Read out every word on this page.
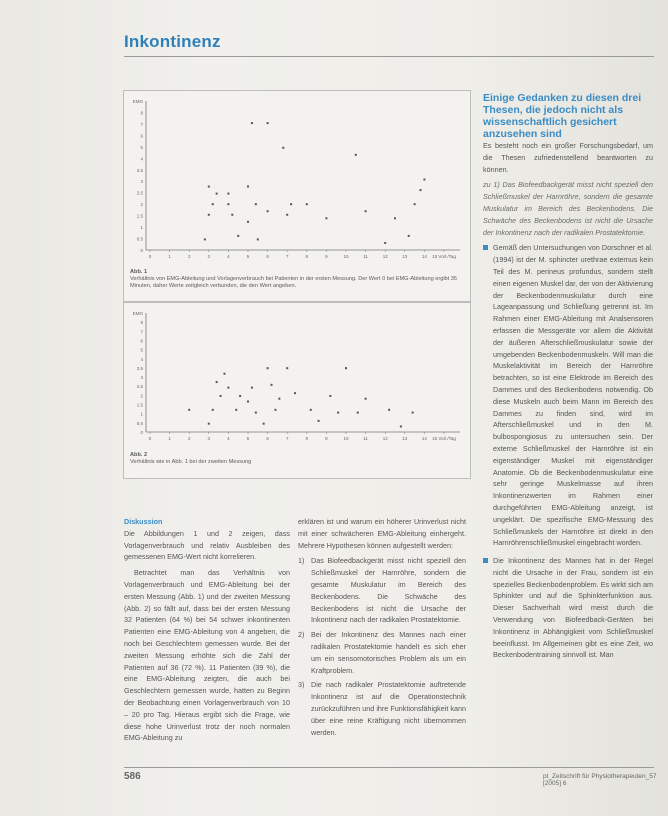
Inkontinenz
EMG
8
7
6
5
4
3.5
3
2.5
2
1.5
1
0.5
0
0	1	2	3	4	5	6	7	8	9	10	11	12	13	14 15 Vorl./Tag
Abb. 1
Verhältnis von EMG-Ableitung und Vorlagenverbrauch bei Patienten in der ersten Messung. Der Wert 0 bei EMG-Ableitung ergibt 35 Minuten, daher Werte zeitgleich verbunden, die den Wert angeben.
EMG
8
7
6
5
4
3.5
3
2.5
2
1.5
1
0.5
0
0	1	2	3	4	5	6	7	8	9	10	11	12	13	14 15 Vorl./Tag
Abb. 2
Verhältnis wie in Abb. 1 bei der zweiten Messung
Diskussion

Die Abbildungen 1 und 2 zeigen, dass Vorlagenverbrauch und relativ Ausbleiben des gemessenen EMG-Wert nicht korrelieren.

Betrachtet man das Verhältnis von Vorlagenverbrauch und EMG-Ableitung bei der ersten Messung (Abb. 1) und der zweiten Messung (Abb. 2) so fällt auf, dass bei der ersten Messung 32 Patienten (64 %) bei 54 schwer inkontinenten Patienten eine EMG-Ableitung von 4 angeben, die noch bei Geschlechtern gemessen wurde. Bei der zweiten Messung erhöhte sich die Zahl der Patienten auf 36 (72 %). 11 Patienten (39 %), die eine EMG-Ableitung zeigten, die auch bei Geschlechtern gemessen wurde, hatten zu Beginn der Beobachtung einen Vorlagenverbrauch von 10 – 20 pro Tag. Hieraus ergibt sich die Frage, wie diese hohe Urinverlust trotz der noch normalen EMG-Ableitung zu

erklären ist und warum ein höherer Urinverlust nicht mit einer schwächeren EMG-Ableitung einhergeht. Mehrere Hypothesen können aufgestellt werden:

1) Das Biofeedbackgerät misst nicht speziell den Schließmuskel der Harnröhre, sondern die gesamte Muskulatur im Bereich des Beckenbodens. Die Schwäche des Beckenbodens ist nicht die Ursache der Inkontinenz nach der radikalen Prostatektomie.
2) Bei der Inkontinenz des Mannes nach einer radikalen Prostatektomie handelt es sich eher um ein sensomotorisches Problem als um ein Kraftproblem.
3) Die nach radikaler Prostatektomie auftretende Inkontinenz ist auf die Operationstechnik zurückzuführen und ihre Funktionsfähigkeit kann über eine reine Kräftigung nicht übernommen werden.
Einige Gedanken zu diesen drei Thesen, die jedoch nicht als wissenschaftlich gesichert anzusehen sind

Es besteht noch ein großer Forschungsbedarf, um die Thesen zufriedenstellend beantworten zu können.

zu 1) Das Biofeedbackgerät misst nicht speziell den Schließmuskel der Harnröhre, sondern die gesamte Muskulatur im Bereich des Beckenbodens. Die Schwäche des Beckenbodens ist nicht die Ursache der Inkontinenz nach der radikalen Prostatektomie.

Gemäß den Untersuchungen von Dorschner et al. (1994) ist der M. sphincter urethrae externus kein Teil des M. perineus profundus, sondern stellt einen eigenen Muskel dar, der von der Aktivierung der Beckenbodenmuskulatur durch eine Lageanpassung und Schließung getrennt ist. Im Rahmen einer EMG-Ableitung mit Analsensoren erfassen die Messgeräte vor allem die Aktivität der äußeren Afterschließmuskulatur sowie der umgebenden Beckenbodenmuskeln. Will man die Muskelaktivität im Bereich der Harnröhre betrachten, so ist eine Elektrode im Bereich des Dammes und des Beckenbodens notwendig. Ob diese Muskeln auch beim Mann im Bereich des Dammes zu finden sind, wird im Afterschließmuskel und in den M. bulbospongiosus zu untersuchen sein. Der externe Schließmuskel der Harnröhre ist ein eigenständiger Muskel mit eigenständiger Anatomie. Ob die Beckenbodenmuskulatur eine sehr geringe Muskelmasse auf ihren Inkontinenzwerten im Rahmen einer durchgeführten EMG-Ableitung anzeigt, ist ungeklärt. Die spezifische EMG-Messung des Schließmuskels der Harnröhre ist direkt in den Harnröhrenschließmuskel eingebracht worden.
Die Inkontinenz des Mannes hat in der Regel nicht die Ursache in der Frau, sondern ist ein spezielles Beckenbodenproblem. Es wirkt sich am Sphinkter und auf die Sphinkterfunktion aus. Dieser Sachverhalt wird meist durch die Verwendung von Biofeedback-Geräten bei Inkontinenz in Abhängigkeit vom Schließmuskel beeinflusst. Im Allgemeinen gibt es eine Zeit, wo Beckenbodentraining sinnvoll ist. Man
586	pt_Zeitschrift für Physiotherapeuten_57 [2005] 6
